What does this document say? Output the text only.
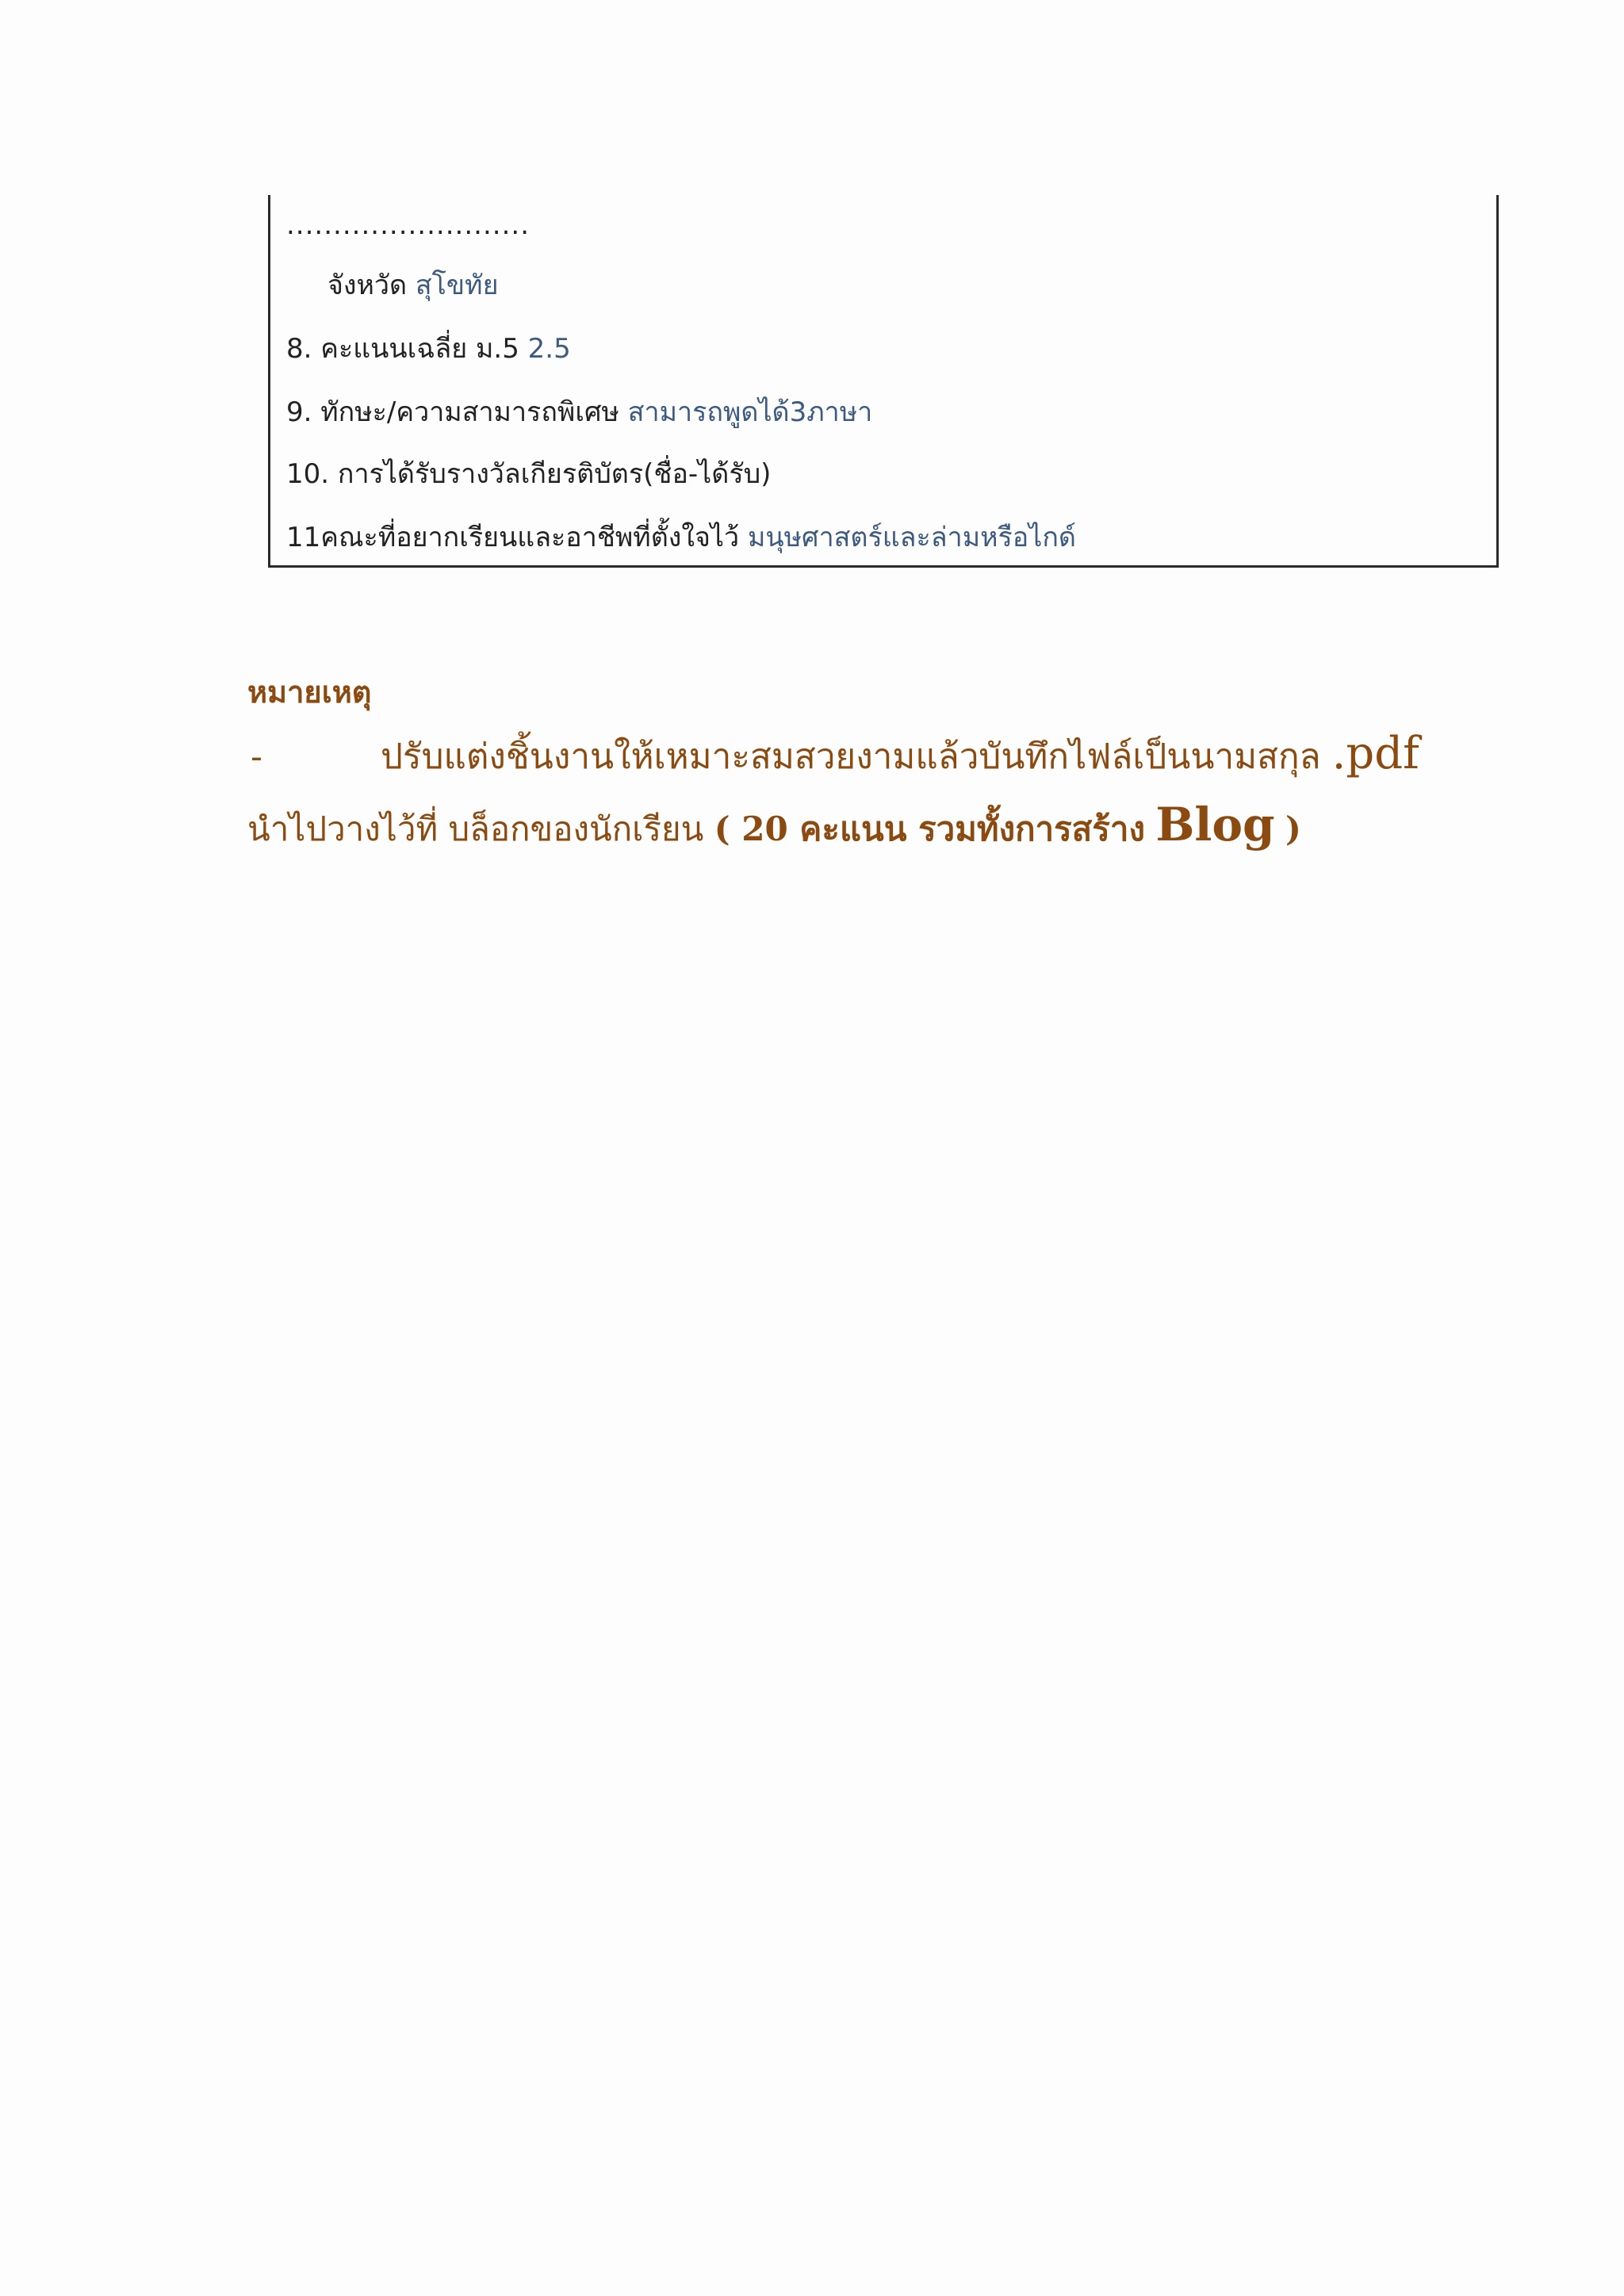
..........................
จังหวัด สุโขทัย
8. คะแนนเฉลี่ย ม.5 2.5
9. ทักษะ/ความสามารถพิเศษ สามารถพูดได้3ภาษา
10. การได้รับรางวัลเกียรติบัตร(ชื่อ-ได้รับ)
11คณะที่อยากเรียนและอาชีพที่ตั้งใจไว้ มนุษศาสตร์และล่ามหรือไกด์
หมายเหตุ
-	ปรับแต่งชิ้นงานให้เหมาะสมสวยงามแล้วบันทึกไฟล์เป็นนามสกุล .pdf
นำไปวางไว้ที่ บล็อกของนักเรียน ( 20 คะแนน รวมทั้งการสร้าง Blog )
